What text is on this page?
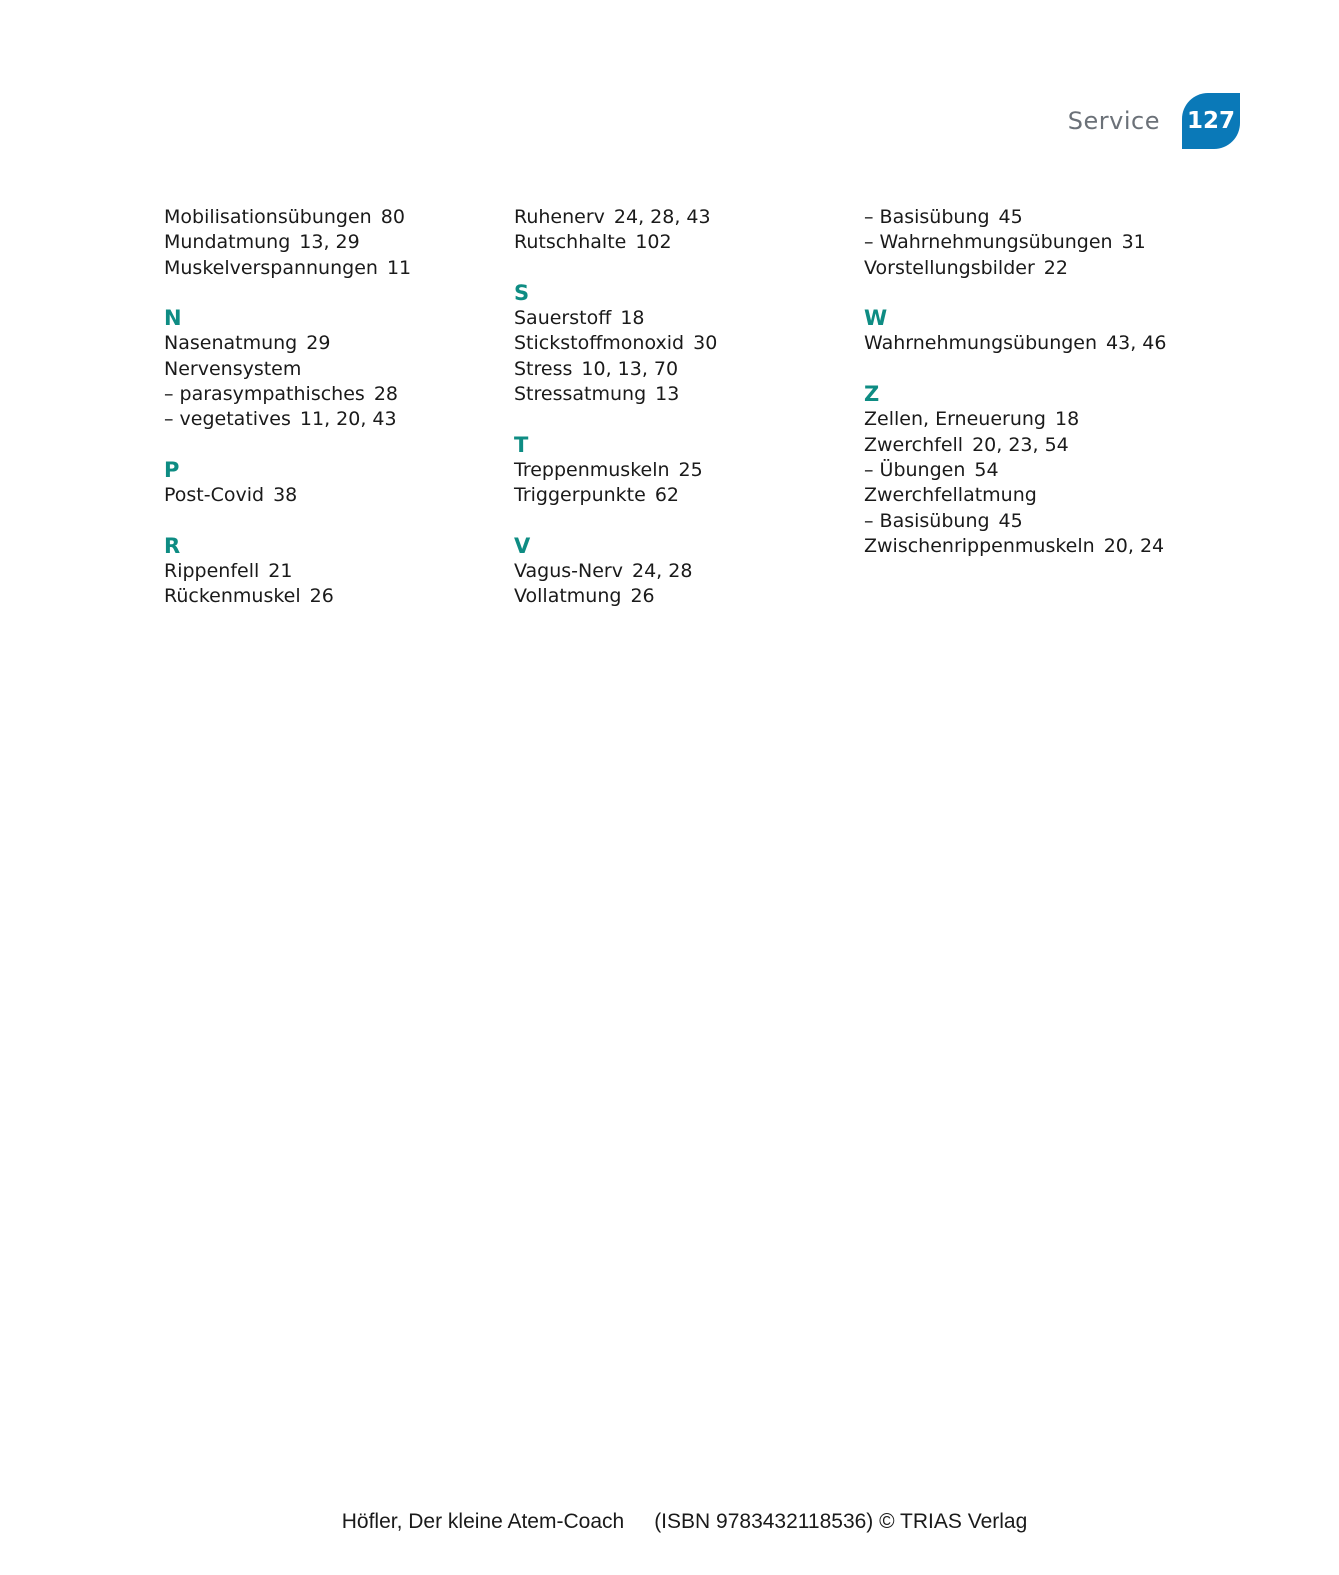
Service 127
Mobilisationsübungen 80
Mundatmung 13, 29
Muskelverspannungen 11
N
Nasenatmung 29
Nervensystem
– parasympathisches 28
– vegetatives 11, 20, 43
P
Post-Covid 38
R
Rippenfell 21
Rückenmuskel 26
Ruhenerv 24, 28, 43
Rutschhalte 102
S
Sauerstoff 18
Stickstoffmonoxid 30
Stress 10, 13, 70
Stressatmung 13
T
Treppenmuskeln 25
Triggerpunkte 62
V
Vagus-Nerv 24, 28
Vollatmung 26
– Basisübung 45
– Wahrnehmungsübungen 31
Vorstellungsbilder 22
W
Wahrnehmungsübungen 43, 46
Z
Zellen, Erneuerung 18
Zwerchfell 20, 23, 54
– Übungen 54
Zwerchfellatmung
– Basisübung 45
Zwischenrippenmuskeln 20, 24
Höfler, Der kleine Atem-Coach (ISBN 9783432118536) © TRIAS Verlag
